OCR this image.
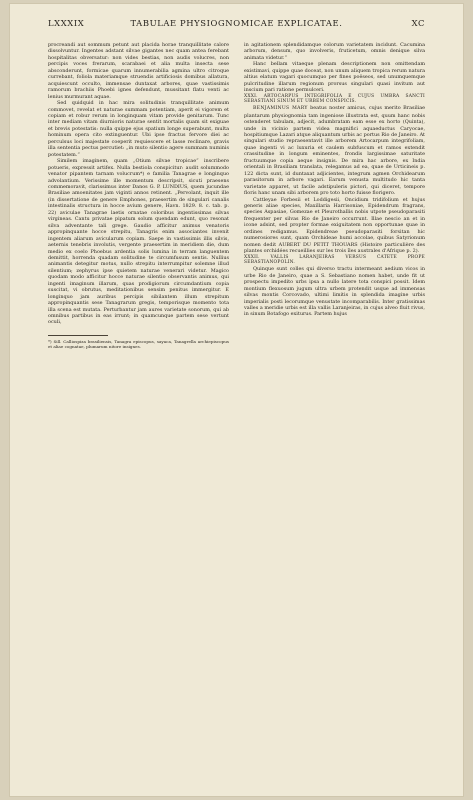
LXXXIX	TABULAE PHYSIOGNOMICAE EXPLICATAE.	XC

procreandi aut sommum petunt aut placida horae tranquillitate calore dissolvuntur. Ingentes adstant silvae gigantes nec quam antea ferebant hospitalitas obversatur: non vides bestias, non audis volucres, non percipis voces frerarum, scarabaei et alia multa insecta sese absconderunt, formicae quarum innumerabilia agmina ultro citroque currebant, foliola materiamque struendis artificiosis domibus allatura, acquiescunt occulto, immensae duntaxat arbores, quae vastissimis ramorum brachiis Phoebi ignes defendunt, mussitant flatu venti ac lenius murmurant aquae.

Sed quidquid in hac mira solitudinis tranquillitate animum commovet, revelat et naturae summam potentiam, aperit ei vigorem et copiam et robur rerum in longinquam vitam provide genitarum. Tunc inter mediam vitam diurnioris naturae sentit mortalis quam sit exiguae et brevis potestatis: nulla quippe ejus spatium longe superabunt, multa hominum opera cito extinguentur. Ubi ipse fractus fervore diei ac perculsus loci majestate coeperit requiescere et lasse reclinare, gravis illa sententia pectus percutiet: „in muto silentio agere summam numinis potestatem.“

Similem imaginem, quam „Otium silvae tropicae“ inscribere potueris, expressit artifex. Nulla bestiola conspicitur: audit solummodo venator pipantem tarnam volucrum*) e familia Tanagrae e longinquo advolantium. Verissime ille momentum descripsit, sicuti praesens commemoravit, clarissimus inter Danos G. P. LUNDIUS, quem jucundae Brasiliae amoenitates jam viginti annos retinent. „Pervolant, inquit ille (in dissertatione de genere Emphones, praesertim de singulari canalis intestinalis structura in hocce avium genere, Havn. 1829. 8. c. tab. p. 22) aviculae Tanagrae laetis ornatae coloribus ingentissimas silvas virgineas. Cantu privatae pipatum solum quendam edunt, quo resonat silva adventante tali grege. Gaudio afficitur animus venatoris appropinquante hocce strepitu, Tanagris enim associantes invenit ingentem aliarum avicularum copiam. Saepe in vastissimis illis silvis, aeternis tenebris involutis, vergente praesertim in meridiem die, dum medio ex coelo Phoebus ardentia solis lumina in terram languentem demittit, horrenda quadam solitudine te circumfusum sentis. Nullius animantis detegitur motus, nullo strepitu interrumpitur solemne illud silentium; zephyrus ipse quietem naturae venerari videtur. Magico quodam modo afficitur hocce naturae silentio observantis animus, qui ingenti imaginum illarum, quas prodigiorum circumdantium copia suscitat, vi obrutus, meditationibus sensim penitus immergitur. E longinquo jam auribus percipis sibilantem illum strepitum appropinquantis sese Tanagrarum gregis, temporisque momento tota illa scena est mutata. Perturbantur jam aures varietate sonorum, qui ab omnibus partibus in eas irrunt; in quamcunque partem sese vertunt oculi,

*) Sill. Calliospiza brasiliensis, Tanagra episcopus, sayaca, Tanagrella archiepiscopus et aliae cognatae, plumarum nitore insignes.

in agitationem splendidamque colorum varietatem incidunt. Cacumina arborum, densum, quo involveris, fruticetum, omnis denique silva animata videtur.“

Hanc bellam vitaeque plenam descriptionem non omittendam existimavi, quippe quae doceat, non unum aliquem tropica rerum natura altius elatum vagari quocumquo per fines poëseos, sed unumquemque pulcritudine illarum regionum prorsus singulari quasi invitum aut inscium pari ratione permulceri.

XXXI. ARTOCARPUS INTEGRIFOLIA E CUJUS UMBRA SANCTI SEBASTIANI SINUM ET URBEM CONSPICIS.

BENJAMINUS MARY beatus noster amicus, cujus merito Brasiliae plantarum physiognomia tam ingeniose illustrata est, quum hanc nobis ostenderet tabulam, adjecit, adumbratam eam esse ex horto (Quinta), unde in vicinio partem videa magnifici aquaeductus Caryocae, hospitiumque Lazari atque aliquantum urbis ac portus Rio de Janeiro. At singulari studio repraesentavit ille arborem Artocarpum integrifoliam, quae ingenti vi ac luxuria et caulem subfuscum et ramos extendit crassitudine in longum eminentes, frondis largissimae saturitate fructuumque copia aeque insignis. De mira hac arbore, ex India orientali in Brasiliam translata, relegamus ad ea, quae de Urticineis p. 122 dicta sunt, id duntaxat adjicientes, integrum agmen Orchidearum parasitorum in arbore vagari. Earum venusta multitudo hic tanta varietate apparet, ut facile adstipuleris pictori, qui diceret, tempore floris hanc unam sibi arborem pro toto horto fuisse florigero.

Cattleyae Forbesii et Loddigesii, Oncidium tridifolium et hujus generis aliae species, Maxillaria Harrisoniae, Epidendrum fragrans, species Aspasiae, Gomezae et Pleurothallis nobis utpote pseudoparasiti frequenter per silvas Rio de Janeiro occurrunt. Illae nescio an et in icone adsint, sed propter formae exiguitatem non opportunae quae in ordines redigamus. Epidendreae pseudoparasiti forsitan hic numerosiores sunt, quam Orchideae humi accolae, quibus Satyrionum nomen dedit AUBERT DU PETIT THOUARS (Histoire particulière des plantes orchidées recueillies sur les trois îles australes d'Afrique p. 2).

XXXII. VALLIS LARANJEIRAS VERSUS CATETE PROPE SEBASTIANOPOLIN.

Quinque sunt colles qui diverso tractu intermeant aedium vicos in urbe Rio de Janeiro, quae a S. Sebastiano nomen habet, unde fit ut prospectu impedito urbs ipsa a nullo latere tota conspici possit. Idem montium flexuosum jugum ultra urbem protendit usque ad immensas silvas montis Corcovado, ultimi limitis in splendida imagine urbis imperialis posti lecorumque venustate incomparabilis. Inter gratissimas valles a meridie urbis est illa vallis Laranjeiras, in cujus alveo fluit rivus, in sinum Botafogo exiturus. Partem hujus
